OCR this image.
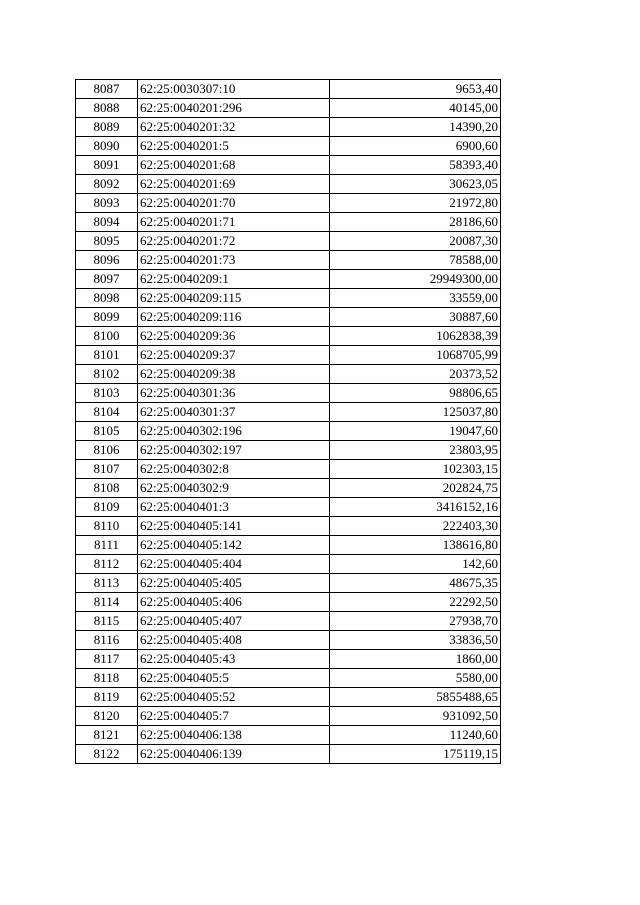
8087	62:25:0030307:10	9653,40
8088	62:25:0040201:296	40145,00
8089	62:25:0040201:32	14390,20
8090	62:25:0040201:5	6900,60
8091	62:25:0040201:68	58393,40
8092	62:25:0040201:69	30623,05
8093	62:25:0040201:70	21972,80
8094	62:25:0040201:71	28186,60
8095	62:25:0040201:72	20087,30
8096	62:25:0040201:73	78588,00
8097	62:25:0040209:1	29949300,00
8098	62:25:0040209:115	33559,00
8099	62:25:0040209:116	30887,60
8100	62:25:0040209:36	1062838,39
8101	62:25:0040209:37	1068705,99
8102	62:25:0040209:38	20373,52
8103	62:25:0040301:36	98806,65
8104	62:25:0040301:37	125037,80
8105	62:25:0040302:196	19047,60
8106	62:25:0040302:197	23803,95
8107	62:25:0040302:8	102303,15
8108	62:25:0040302:9	202824,75
8109	62:25:0040401:3	3416152,16
8110	62:25:0040405:141	222403,30
8111	62:25:0040405:142	138616,80
8112	62:25:0040405:404	142,60
8113	62:25:0040405:405	48675,35
8114	62:25:0040405:406	22292,50
8115	62:25:0040405:407	27938,70
8116	62:25:0040405:408	33836,50
8117	62:25:0040405:43	1860,00
8118	62:25:0040405:5	5580,00
8119	62:25:0040405:52	5855488,65
8120	62:25:0040405:7	931092,50
8121	62:25:0040406:138	11240,60
8122	62:25:0040406:139	175119,15
